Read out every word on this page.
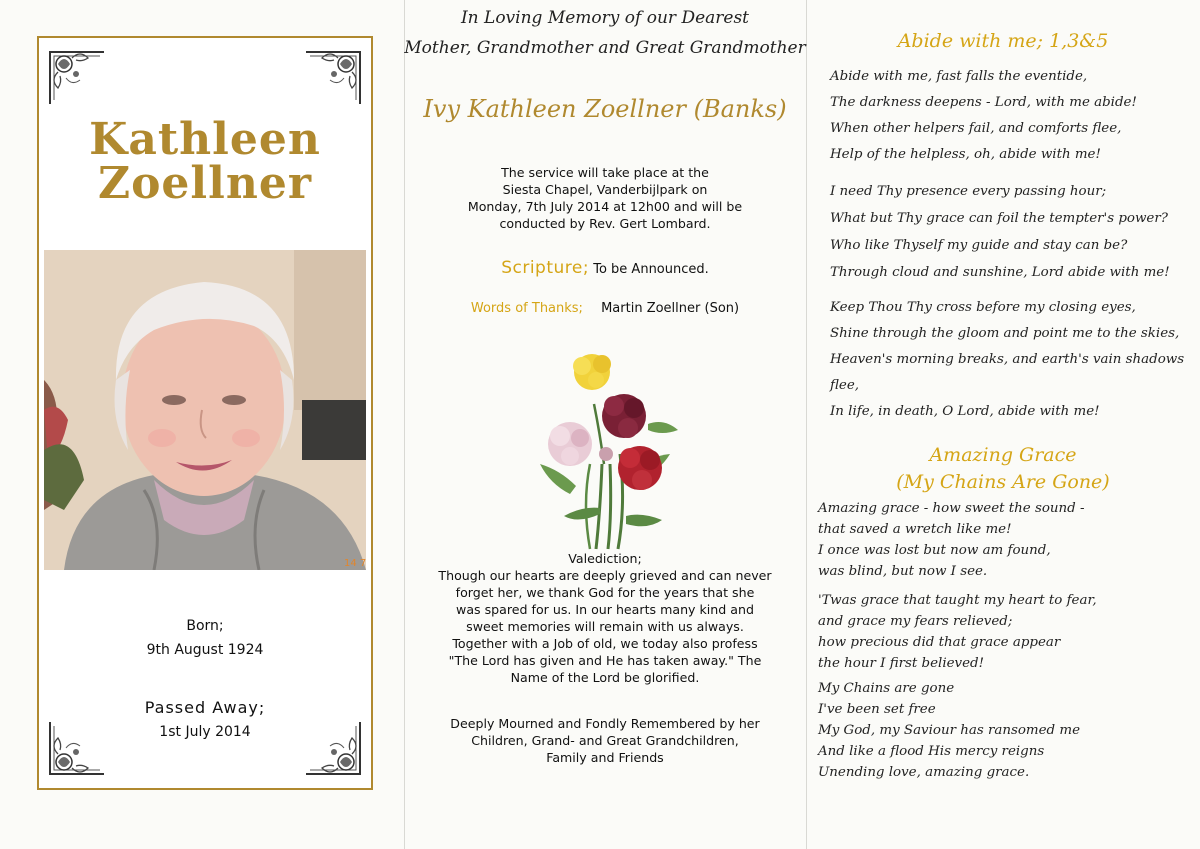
Kathleen
Zoellner
14 7
Born;
9th August 1924
Passed Away;
1st July 2014
In Loving Memory of our Dearest
Mother, Grandmother and Great Grandmother
Ivy Kathleen Zoellner (Banks)
The service will take place at the
Siesta Chapel, Vanderbijlpark on
Monday, 7th July 2014 at 12h00 and will be
conducted by Rev. Gert Lombard.
Scripture; To be Announced.
Words of Thanks; Martin Zoellner (Son)
Valediction;
Though our hearts are deeply grieved and can never
forget her, we thank God for the years that she
was spared for us. In our hearts many kind and
sweet memories will remain with us always.
Together with a Job of old, we today also profess
"The Lord has given and He has taken away." The
Name of the Lord be glorified.
Deeply Mourned and Fondly Remembered by her
Children, Grand- and Great Grandchildren,
Family and Friends
Abide with me; 1,3&5
Abide with me, fast falls the eventide,
The darkness deepens - Lord, with me abide!
When other helpers fail, and comforts flee,
Help of the helpless, oh, abide with me!
I need Thy presence every passing hour;
What but Thy grace can foil the tempter's power?
Who like Thyself my guide and stay can be?
Through cloud and sunshine, Lord abide with me!
Keep Thou Thy cross before my closing eyes,
Shine through the gloom and point me to the skies,
Heaven's morning breaks, and earth's vain shadows
flee,
In life, in death, O Lord, abide with me!
Amazing Grace
(My Chains Are Gone)
Amazing grace - how sweet the sound -
that saved a wretch like me!
I once was lost but now am found,
was blind, but now I see.
'Twas grace that taught my heart to fear,
and grace my fears relieved;
how precious did that grace appear
the hour I first believed!
My Chains are gone
I've been set free
My God, my Saviour has ransomed me
And like a flood His mercy reigns
Unending love, amazing grace.
